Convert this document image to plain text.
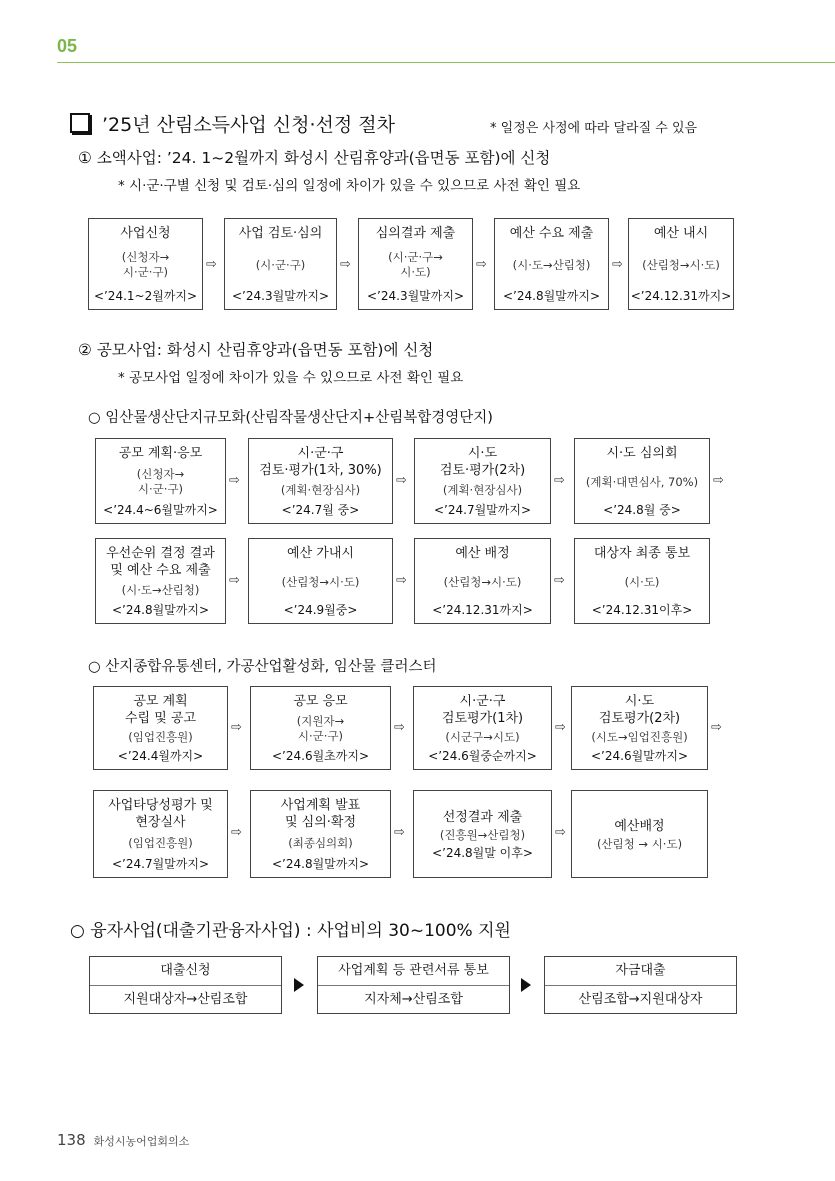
05
’25년 산림소득사업 신청·선정 절차	* 일정은 사정에 따라 달라질 수 있음
① 소액사업: ’24. 1~2월까지 화성시 산림휴양과(읍면동 포함)에 신청
* 시·군·구별 신청 및 검토·심의 일정에 차이가 있을 수 있으므로 사전 확인 필요
사업신청
(신청자→
시·군·구)
<’24.1~2월까지>
⇨
사업 검토·심의
(시·군·구)
<’24.3월말까지>
⇨
심의결과 제출
(시·군·구→
시·도)
<’24.3월말까지>
⇨
예산 수요 제출
(시·도→산림청)
<’24.8월말까지>
⇨
예산 내시
(산림청→시·도)
<’24.12.31까지>
② 공모사업: 화성시 산림휴양과(읍면동 포함)에 신청
* 공모사업 일정에 차이가 있을 수 있으므로 사전 확인 필요
○ 임산물생산단지규모화(산림작물생산단지+산림복합경영단지)
공모 계획·응모
(신청자→
시·군·구)
<’24.4~6월말까지>
⇨
시·군·구
검토·평가(1차, 30%)
(계획·현장심사)
<’24.7월 중>
⇨
시·도
검토·평가(2차)
(계획·현장심사)
<’24.7월말까지>
⇨
시·도 심의회
(계획·대면심사, 70%)
<’24.8월 중>
⇨
우선순위 결정 결과
및 예산 수요 제출
(시·도→산림청)
<’24.8월말까지>
⇨
예산 가내시
(산림청→시·도)
<’24.9월중>
⇨
예산 배정
(산림청→시·도)
<’24.12.31까지>
⇨
대상자 최종 통보
(시·도)
<’24.12.31이후>
○ 산지종합유통센터, 가공산업활성화, 임산물 클러스터
공모 계획
수립 및 공고
(임업진흥원)
<’24.4월까지>
⇨
공모 응모
(지원자→
시·군·구)
<’24.6월초까지>
⇨
시·군·구
검토평가(1차)
(시군구→시도)
<’24.6월중순까지>
⇨
시·도
검토평가(2차)
(시도→임업진흥원)
<’24.6월말까지>
⇨
사업타당성평가 및
현장실사
(임업진흥원)
<’24.7월말까지>
⇨
사업계획 발표
및 심의·확정
(최종심의회)
<’24.8월말까지>
⇨
선정결과 제출
(진흥원→산림청)
<’24.8월말 이후>
⇨	예산배정
(산림청 → 시·도)
○ 융자사업(대출기관융자사업) : 사업비의 30~100% 지원
대출신청
지원대상자→산림조합
사업계획 등 관련서류 통보
지자체→산림조합
자금대출
산림조합→지원대상자
138 화성시농어업회의소
